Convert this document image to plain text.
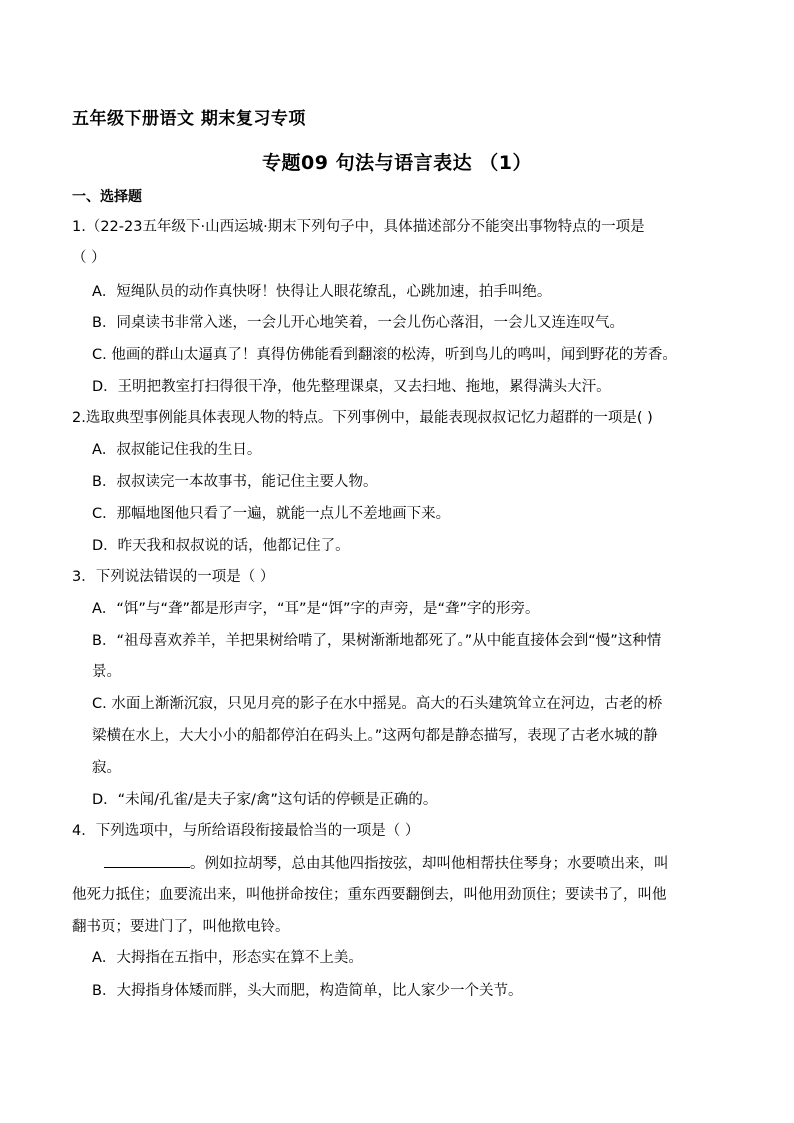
五年级下册语文 期末复习专项
专题09 句法与语言表达 （1）
一、选择题
1.（22-23五年级下·山西运城·期末下列句子中，具体描述部分不能突出事物特点的一项是
（ ）
A．短绳队员的动作真快呀！快得让人眼花缭乱，心跳加速，拍手叫绝。
B．同桌读书非常入迷，一会儿开心地笑着，一会儿伤心落泪，一会儿又连连叹气。
C. 他画的群山太逼真了！真得仿佛能看到翻滚的松涛，听到鸟儿的鸣叫，闻到野花的芳香。
D．王明把教室打扫得很干净，他先整理课桌，又去扫地、拖地，累得满头大汗。
2.选取典型事例能具体表现人物的特点。下列事例中，最能表现叔叔记忆力超群的一项是( )
A．叔叔能记住我的生日。
B．叔叔读完一本故事书，能记住主要人物。
C．那幅地图他只看了一遍，就能一点儿不差地画下来。
D．昨天我和叔叔说的话，他都记住了。
3．下列说法错误的一项是（ ）
A．“饵”与“聋”都是形声字，“耳”是“饵”字的声旁，是“聋”字的形旁。
B．“祖母喜欢养羊，羊把果树给啃了，果树渐渐地都死了。”从中能直接体会到“慢”这种情
景。
C. 水面上渐渐沉寂，只见月亮的影子在水中摇晃。高大的石头建筑耸立在河边，古老的桥
梁横在水上，大大小小的船都停泊在码头上。”这两句都是静态描写，表现了古老水城的静
寂。
D．“未闻/孔雀/是夫子家/禽”这句话的停顿是正确的。
4．下列选项中，与所给语段衔接最恰当的一项是（ ）
。例如拉胡琴，总由其他四指按弦，却叫他相帮扶住琴身；水要喷出来，叫
他死力抵住；血要流出来，叫他拼命按住；重东西要翻倒去，叫他用劲顶住；要读书了，叫他
翻书页；要进门了，叫他揿电铃。
A．大拇指在五指中，形态实在算不上美。
B．大拇指身体矮而胖，头大而肥，构造简单，比人家少一个关节。
